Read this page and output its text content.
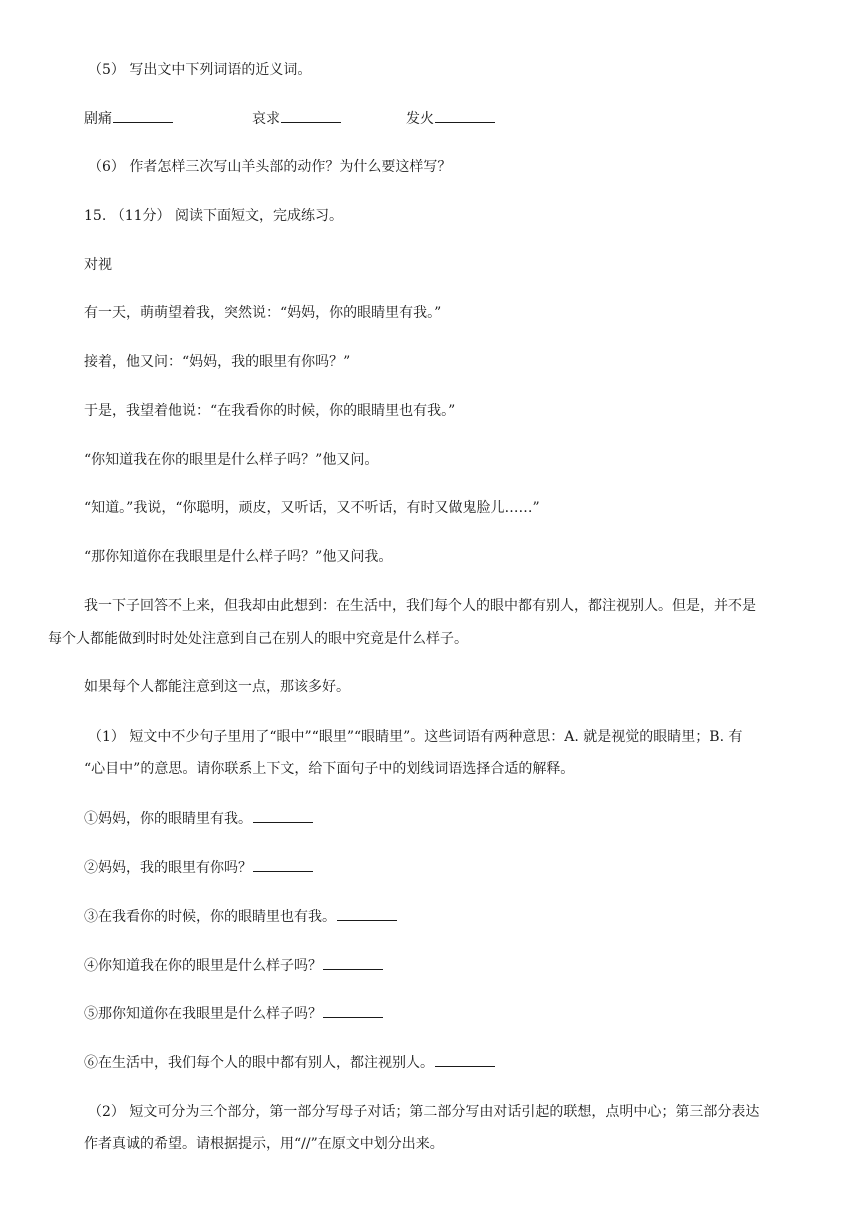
（5） 写出文中下列词语的近义词。
剧痛	哀求	发火
（6） 作者怎样三次写山羊头部的动作？为什么要这样写？
15. （11分） 阅读下面短文，完成练习。
对视
有一天，萌萌望着我，突然说：“妈妈，你的眼睛里有我。”
接着，他又问：“妈妈，我的眼里有你吗？”
于是，我望着他说：“在我看你的时候，你的眼睛里也有我。”
“你知道我在你的眼里是什么样子吗？”他又问。
“知道。”我说，“你聪明，顽皮，又听话，又不听话，有时又做鬼脸儿……”
“那你知道你在我眼里是什么样子吗？”他又问我。
我一下子回答不上来，但我却由此想到：在生活中，我们每个人的眼中都有别人，都注视别人。但是，并不是
每个人都能做到时时处处注意到自己在别人的眼中究竟是什么样子。
如果每个人都能注意到这一点，那该多好。
（1） 短文中不少句子里用了“眼中”“眼里”“眼睛里”。这些词语有两种意思：A. 就是视觉的眼睛里；B. 有
“心目中”的意思。请你联系上下文，给下面句子中的划线词语选择合适的解释。
①妈妈，你的眼睛里有我。
②妈妈，我的眼里有你吗？
③在我看你的时候，你的眼睛里也有我。
④你知道我在你的眼里是什么样子吗？
⑤那你知道你在我眼里是什么样子吗？
⑥在生活中，我们每个人的眼中都有别人，都注视别人。
（2） 短文可分为三个部分，第一部分写母子对话；第二部分写由对话引起的联想，点明中心；第三部分表达
作者真诚的希望。请根据提示，用“//”在原文中划分出来。
